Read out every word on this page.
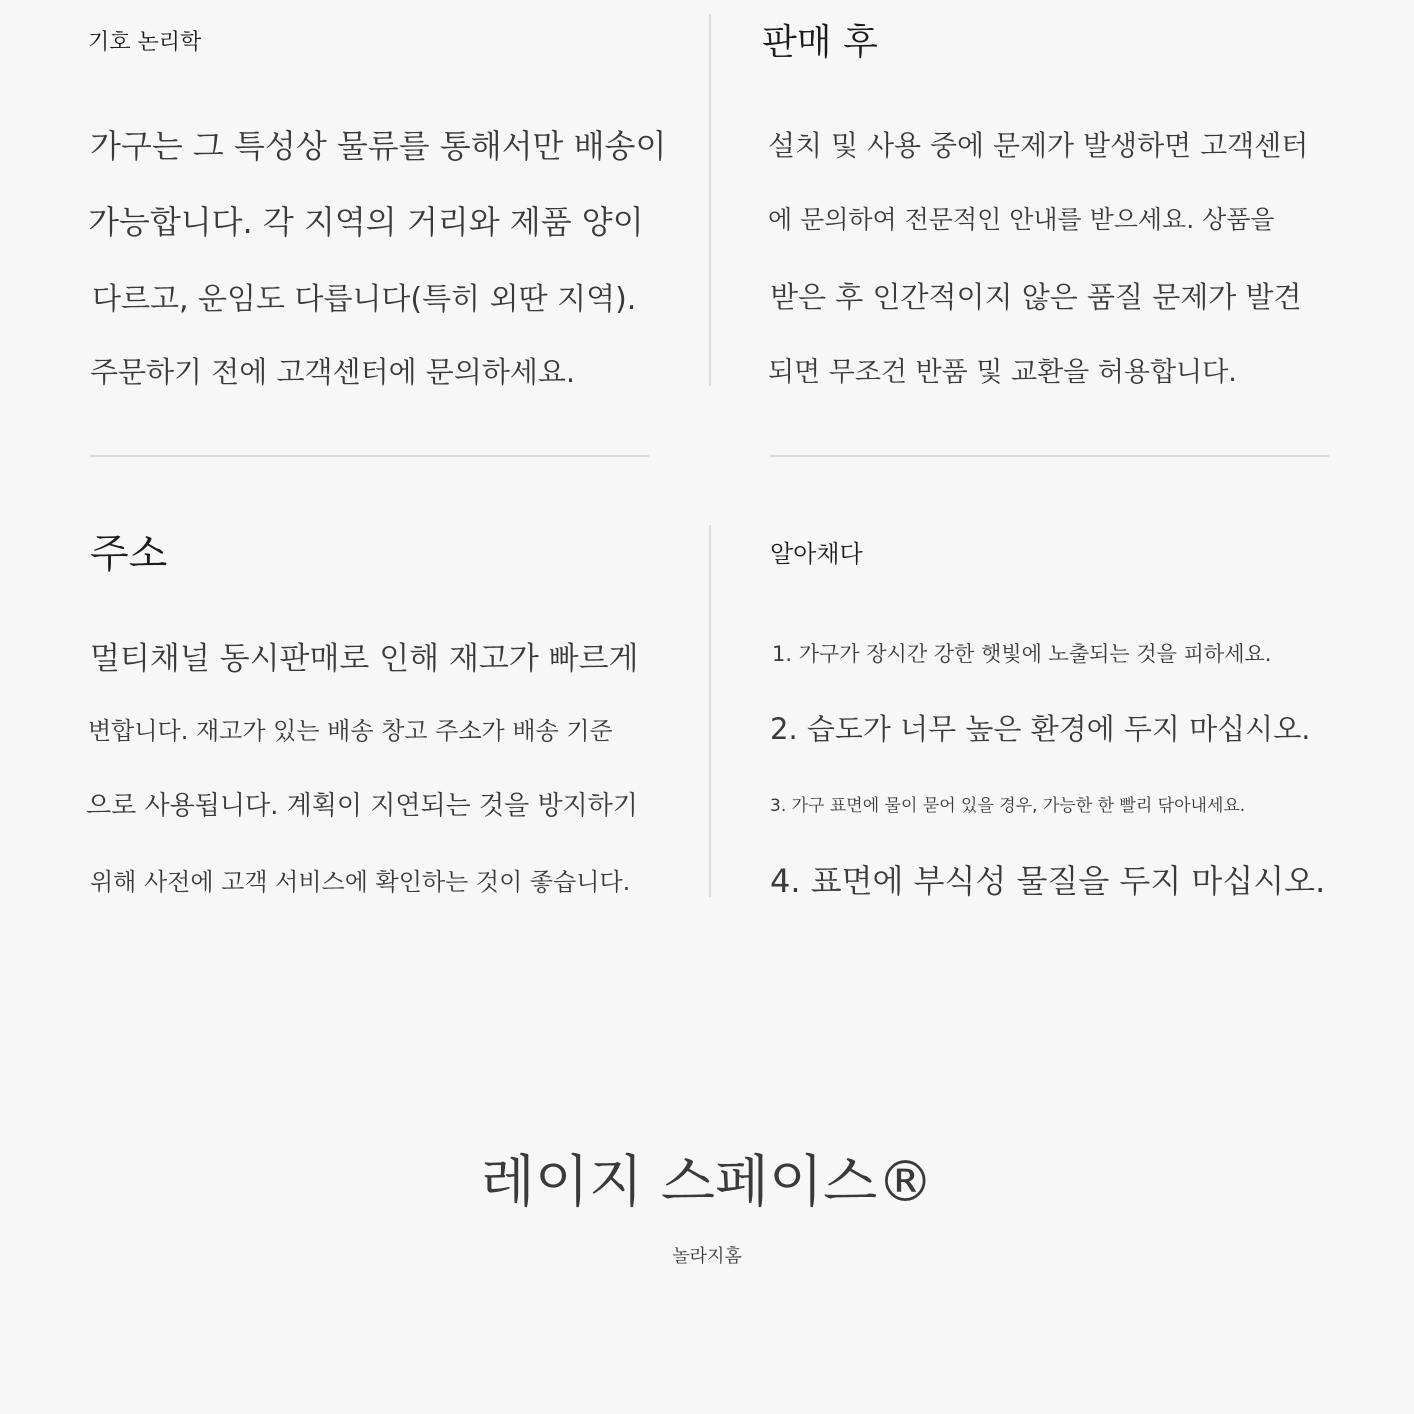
기호 논리학
가구는 그 특성상 물류를 통해서만 배송이
가능합니다. 각 지역의 거리와 제품 양이
다르고, 운임도 다릅니다(특히 외딴 지역).
주문하기 전에 고객센터에 문의하세요.
판매 후
설치 및 사용 중에 문제가 발생하면 고객센터
에 문의하여 전문적인 안내를 받으세요. 상품을
받은 후 인간적이지 않은 품질 문제가 발견
되면 무조건 반품 및 교환을 허용합니다.
주소
멀티채널 동시판매로 인해 재고가 빠르게
변합니다. 재고가 있는 배송 창고 주소가 배송 기준
으로 사용됩니다. 계획이 지연되는 것을 방지하기
위해 사전에 고객 서비스에 확인하는 것이 좋습니다.
알아채다
1. 가구가 장시간 강한 햇빛에 노출되는 것을 피하세요.
2. 습도가 너무 높은 환경에 두지 마십시오.
3. 가구 표면에 물이 묻어 있을 경우, 가능한 한 빨리 닦아내세요.
4. 표면에 부식성 물질을 두지 마십시오.
레이지 스페이스®
놀라지홈
